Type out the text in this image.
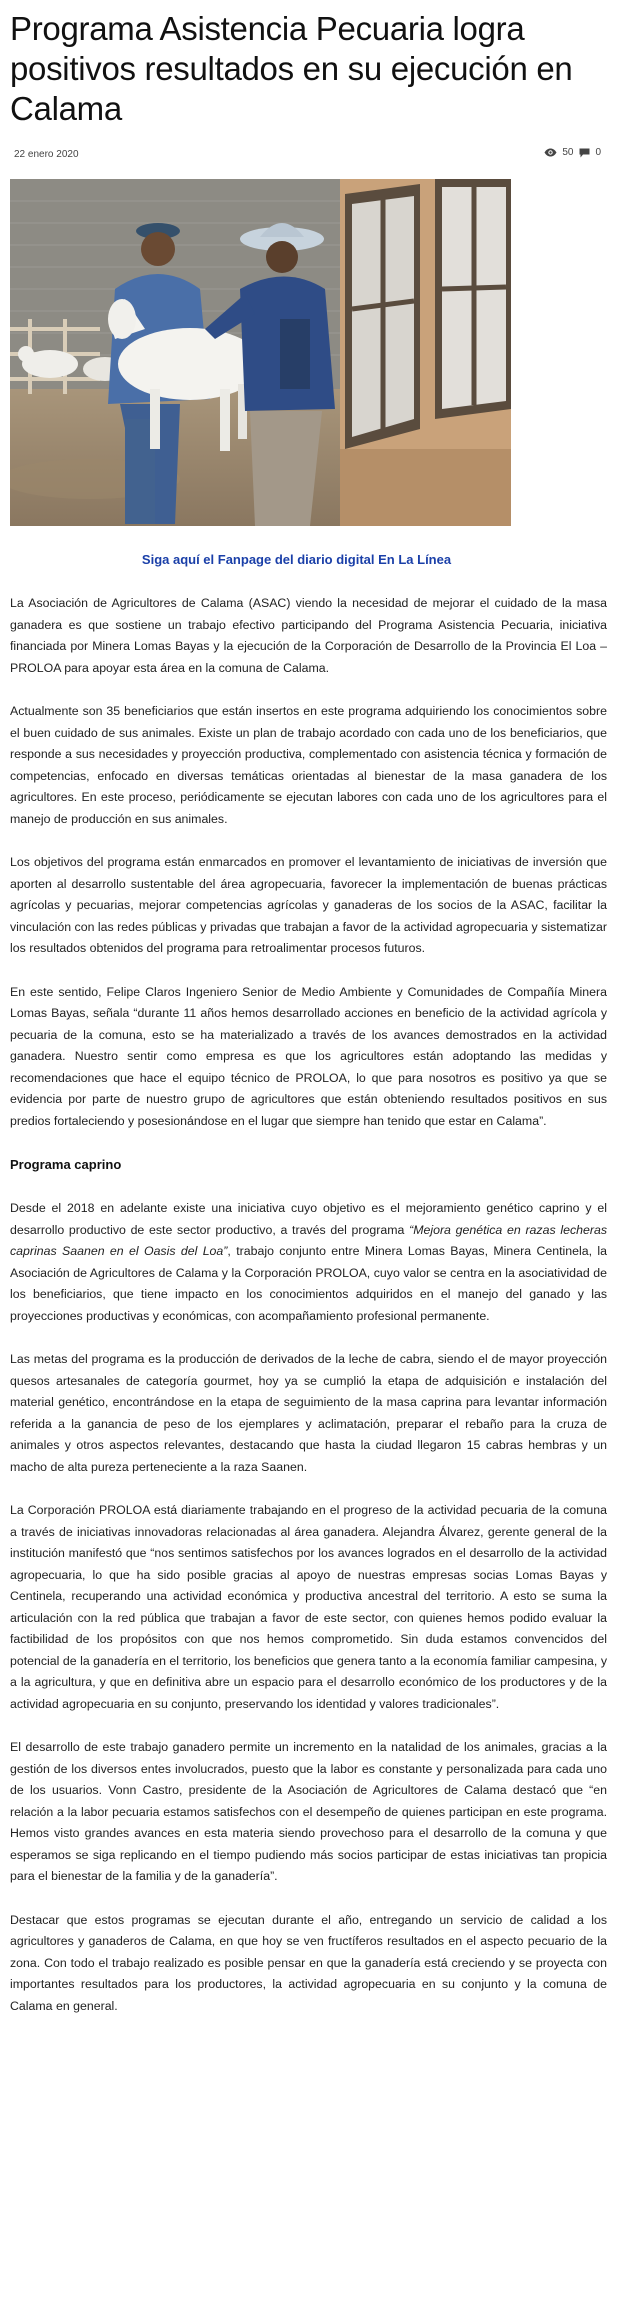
Programa Asistencia Pecuaria logra positivos resultados en su ejecución en Calama
22 enero 2020	50 0
Siga aquí el Fanpage del diario digital En La Línea

La Asociación de Agricultores de Calama (ASAC) viendo la necesidad de mejorar el cuidado de la masa ganadera es que sostiene un trabajo efectivo participando del Programa Asistencia Pecuaria, iniciativa financiada por Minera Lomas Bayas y la ejecución de la Corporación de Desarrollo de la Provincia El Loa – PROLOA para apoyar esta área en la comuna de Calama.

Actualmente son 35 beneficiarios que están insertos en este programa adquiriendo los conocimientos sobre el buen cuidado de sus animales. Existe un plan de trabajo acordado con cada uno de los beneficiarios, que responde a sus necesidades y proyección productiva, complementado con asistencia técnica y formación de competencias, enfocado en diversas temáticas orientadas al bienestar de la masa ganadera de los agricultores. En este proceso, periódicamente se ejecutan labores con cada uno de los agricultores para el manejo de producción en sus animales.

Los objetivos del programa están enmarcados en promover el levantamiento de iniciativas de inversión que aporten al desarrollo sustentable del área agropecuaria, favorecer la implementación de buenas prácticas agrícolas y pecuarias, mejorar competencias agrícolas y ganaderas de los socios de la ASAC, facilitar la vinculación con las redes públicas y privadas que trabajan a favor de la actividad agropecuaria y sistematizar los resultados obtenidos del programa para retroalimentar procesos futuros.

En este sentido, Felipe Claros Ingeniero Senior de Medio Ambiente y Comunidades de Compañía Minera Lomas Bayas, señala “durante 11 años hemos desarrollado acciones en beneficio de la actividad agrícola y pecuaria de la comuna, esto se ha materializado a través de los avances demostrados en la actividad ganadera. Nuestro sentir como empresa es que los agricultores están adoptando las medidas y recomendaciones que hace el equipo técnico de PROLOA, lo que para nosotros es positivo ya que se evidencia por parte de nuestro grupo de agricultores que están obteniendo resultados positivos en sus predios fortaleciendo y posesionándose en el lugar que siempre han tenido que estar en Calama”.

Programa caprino

Desde el 2018 en adelante existe una iniciativa cuyo objetivo es el mejoramiento genético caprino y el desarrollo productivo de este sector productivo, a través del programa “Mejora genética en razas lecheras caprinas Saanen en el Oasis del Loa”, trabajo conjunto entre Minera Lomas Bayas, Minera Centinela, la Asociación de Agricultores de Calama y la Corporación PROLOA, cuyo valor se centra en la asociatividad de los beneficiarios, que tiene impacto en los conocimientos adquiridos en el manejo del ganado y las proyecciones productivas y económicas, con acompañamiento profesional permanente.

Las metas del programa es la producción de derivados de la leche de cabra, siendo el de mayor proyección quesos artesanales de categoría gourmet, hoy ya se cumplió la etapa de adquisición e instalación del material genético, encontrándose en la etapa de seguimiento de la masa caprina para levantar información referida a la ganancia de peso de los ejemplares y aclimatación, preparar el rebaño para la cruza de animales y otros aspectos relevantes, destacando que hasta la ciudad llegaron 15 cabras hembras y un macho de alta pureza perteneciente a la raza Saanen.

La Corporación PROLOA está diariamente trabajando en el progreso de la actividad pecuaria de la comuna a través de iniciativas innovadoras relacionadas al área ganadera. Alejandra Álvarez, gerente general de la institución manifestó que “nos sentimos satisfechos por los avances logrados en el desarrollo de la actividad agropecuaria, lo que ha sido posible gracias al apoyo de nuestras empresas socias Lomas Bayas y Centinela, recuperando una actividad económica y productiva ancestral del territorio. A esto se suma la articulación con la red pública que trabajan a favor de este sector, con quienes hemos podido evaluar la factibilidad de los propósitos con que nos hemos comprometido. Sin duda estamos convencidos del potencial de la ganadería en el territorio, los beneficios que genera tanto a la economía familiar campesina, y a la agricultura, y que en definitiva abre un espacio para el desarrollo económico de los productores y de la actividad agropecuaria en su conjunto, preservando los identidad y valores tradicionales”.

El desarrollo de este trabajo ganadero permite un incremento en la natalidad de los animales, gracias a la gestión de los diversos entes involucrados, puesto que la labor es constante y personalizada para cada uno de los usuarios. Vonn Castro, presidente de la Asociación de Agricultores de Calama destacó que “en relación a la labor pecuaria estamos satisfechos con el desempeño de quienes participan en este programa. Hemos visto grandes avances en esta materia siendo provechoso para el desarrollo de la comuna y que esperamos se siga replicando en el tiempo pudiendo más socios participar de estas iniciativas tan propicia para el bienestar de la familia y de la ganadería”.

Destacar que estos programas se ejecutan durante el año, entregando un servicio de calidad a los agricultores y ganaderos de Calama, en que hoy se ven fructíferos resultados en el aspecto pecuario de la zona. Con todo el trabajo realizado es posible pensar en que la ganadería está creciendo y se proyecta con importantes resultados para los productores, la actividad agropecuaria en su conjunto y la comuna de Calama en general.
